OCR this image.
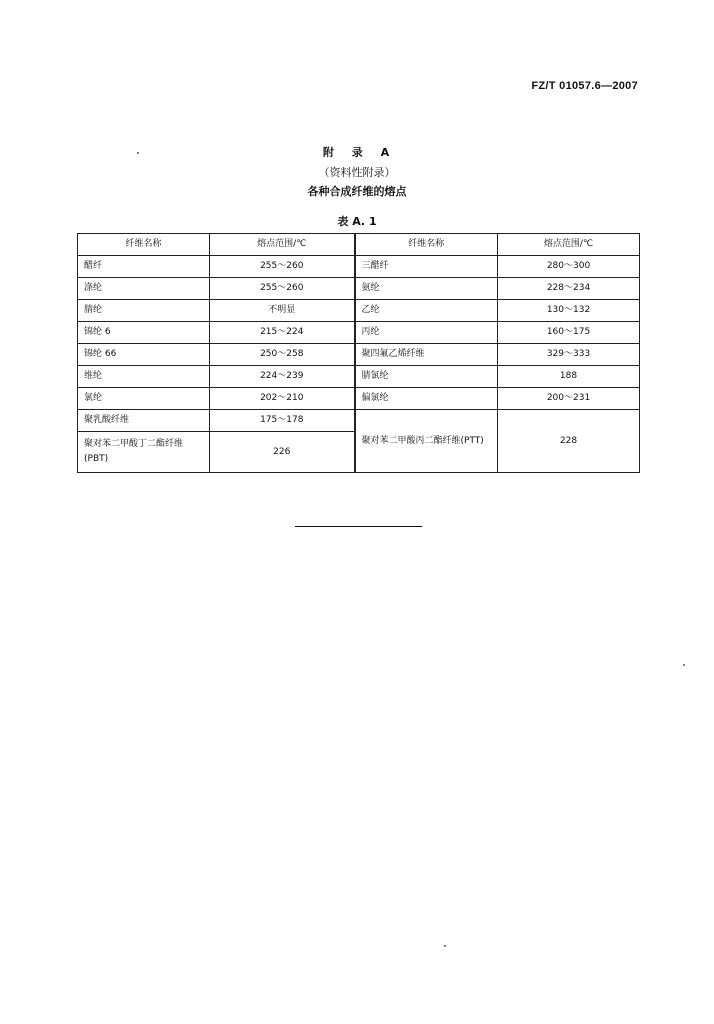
FZ/T 01057.6—2007
附 录 A
（资料性附录）
各种合成纤维的熔点
表 A. 1
纤维名称	熔点范围/℃	纤维名称	熔点范围/℃
醋纤	255～260	三醋纤	280～300
涤纶	255～260	氨纶	228～234
腈纶	不明显	乙纶	130～132
锦纶 6	215～224	丙纶	160～175
锦纶 66	250～258	聚四氟乙烯纤维	329～333
维纶	224～239	腈氯纶	188
氯纶	202～210	偏氯纶	200～231
聚乳酸纤维	175～178	聚对苯二甲酸丙二酯纤维(PTT)	228
聚对苯二甲酸丁二酯纤维(PBT)	226		
